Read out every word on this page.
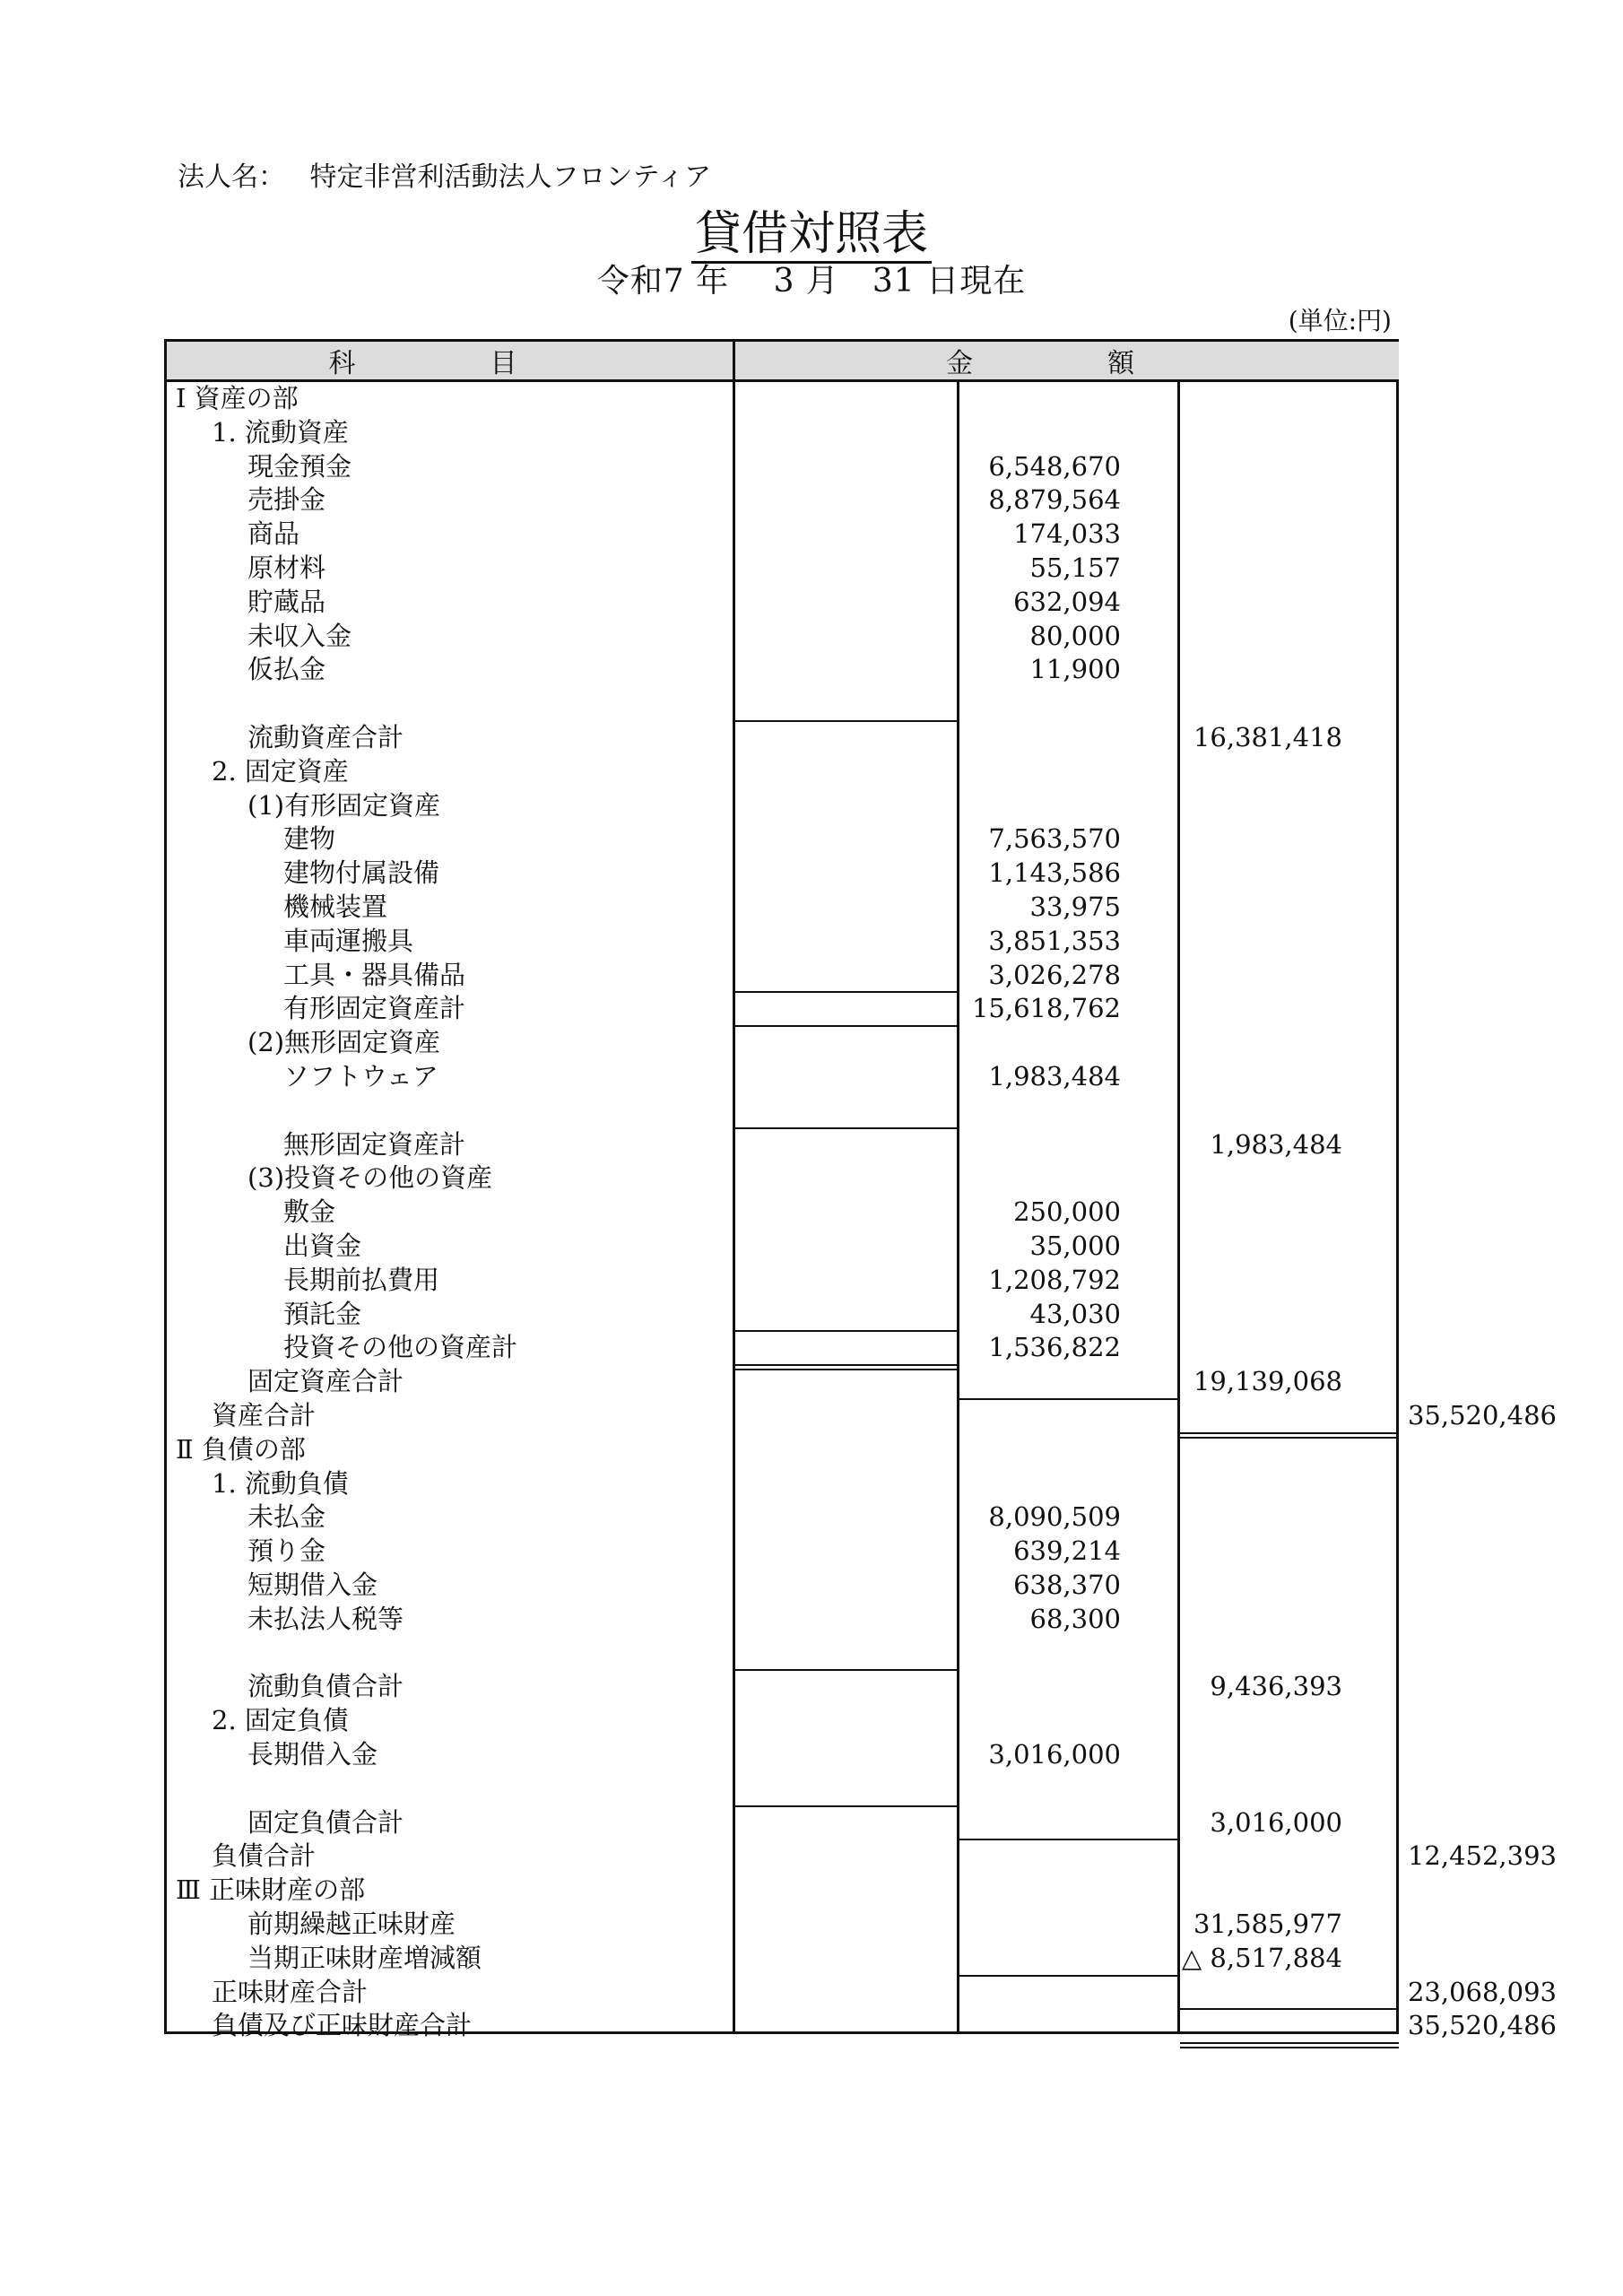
法人名： 特定非営利活動法人フロンティア
貸借対照表
令和7 年　 3 月　31 日現在
(単位:円)
科　目	金　額
Ⅰ 資産の部
1. 流動資産
現金預金	6,548,670
売掛金	8,879,564
商品	174,033
原材料	55,157
貯蔵品	632,094
未収入金	80,000
仮払金	11,900
流動資産合計	16,381,418
2. 固定資産
(1)有形固定資産
建物	7,563,570
建物付属設備	1,143,586
機械装置	33,975
車両運搬具	3,851,353
工具・器具備品	3,026,278
有形固定資産計	15,618,762
(2)無形固定資産
ソフトウェア	1,983,484
無形固定資産計	1,983,484
(3)投資その他の資産
敷金	250,000
出資金	35,000
長期前払費用	1,208,792
預託金	43,030
投資その他の資産計	1,536,822
固定資産合計	19,139,068
資産合計	35,520,486
Ⅱ 負債の部
1. 流動負債
未払金	8,090,509
預り金	639,214
短期借入金	638,370
未払法人税等	68,300
流動負債合計	9,436,393
2. 固定負債
長期借入金	3,016,000
固定負債合計	3,016,000
負債合計	12,452,393
Ⅲ 正味財産の部
前期繰越正味財産	31,585,977
当期正味財産増減額	△ 8,517,884
正味財産合計	23,068,093
負債及び正味財産合計	35,520,486
